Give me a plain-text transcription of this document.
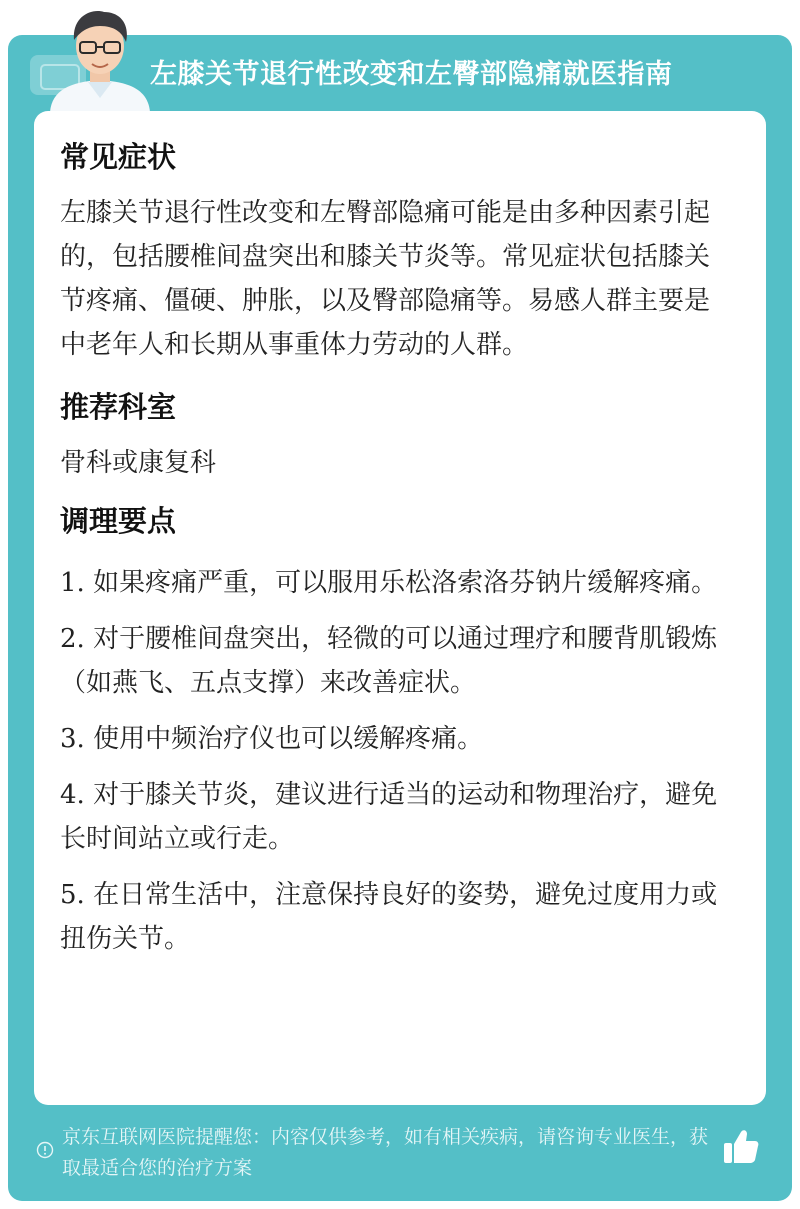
左膝关节退行性改变和左臀部隐痛就医指南
常见症状

左膝关节退行性改变和左臀部隐痛可能是由多种因素引起的，包括腰椎间盘突出和膝关节炎等。常见症状包括膝关节疼痛、僵硬、肿胀，以及臀部隐痛等。易感人群主要是中老年人和长期从事重体力劳动的人群。

推荐科室

骨科或康复科

调理要点
1. 如果疼痛严重，可以服用乐松洛索洛芬钠片缓解疼痛。
2. 对于腰椎间盘突出，轻微的可以通过理疗和腰背肌锻炼（如燕飞、五点支撑）来改善症状。
3. 使用中频治疗仪也可以缓解疼痛。
4. 对于膝关节炎，建议进行适当的运动和物理治疗，避免长时间站立或行走。
5. 在日常生活中，注意保持良好的姿势，避免过度用力或扭伤关节。
京东互联网医院提醒您：内容仅供参考，如有相关疾病，请咨询专业医生，获取最适合您的治疗方案
